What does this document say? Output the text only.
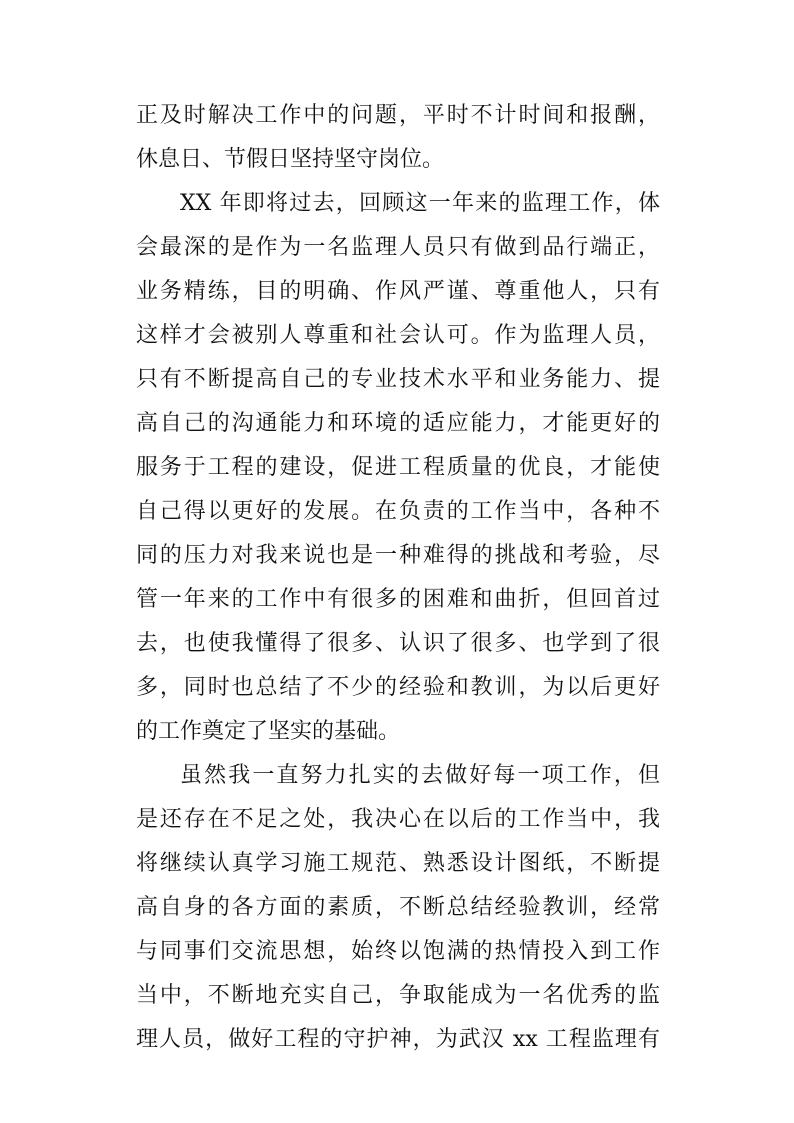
正及时解决工作中的问题，平时不计时间和报酬，
休息日、节假日坚持坚守岗位。
XX 年即将过去，回顾这一年来的监理工作，体
会最深的是作为一名监理人员只有做到品行端正，
业务精练，目的明确、作风严谨、尊重他人，只有
这样才会被别人尊重和社会认可。作为监理人员，
只有不断提高自己的专业技术水平和业务能力、提
高自己的沟通能力和环境的适应能力，才能更好的
服务于工程的建设，促进工程质量的优良，才能使
自己得以更好的发展。在负责的工作当中，各种不
同的压力对我来说也是一种难得的挑战和考验，尽
管一年来的工作中有很多的困难和曲折，但回首过
去，也使我懂得了很多、认识了很多、也学到了很
多，同时也总结了不少的经验和教训，为以后更好
的工作奠定了坚实的基础。
虽然我一直努力扎实的去做好每一项工作，但
是还存在不足之处，我决心在以后的工作当中，我
将继续认真学习施工规范、熟悉设计图纸，不断提
高自身的各方面的素质，不断总结经验教训，经常
与同事们交流思想，始终以饱满的热情投入到工作
当中，不断地充实自己，争取能成为一名优秀的监
理人员，做好工程的守护神，为武汉 xx 工程监理有
